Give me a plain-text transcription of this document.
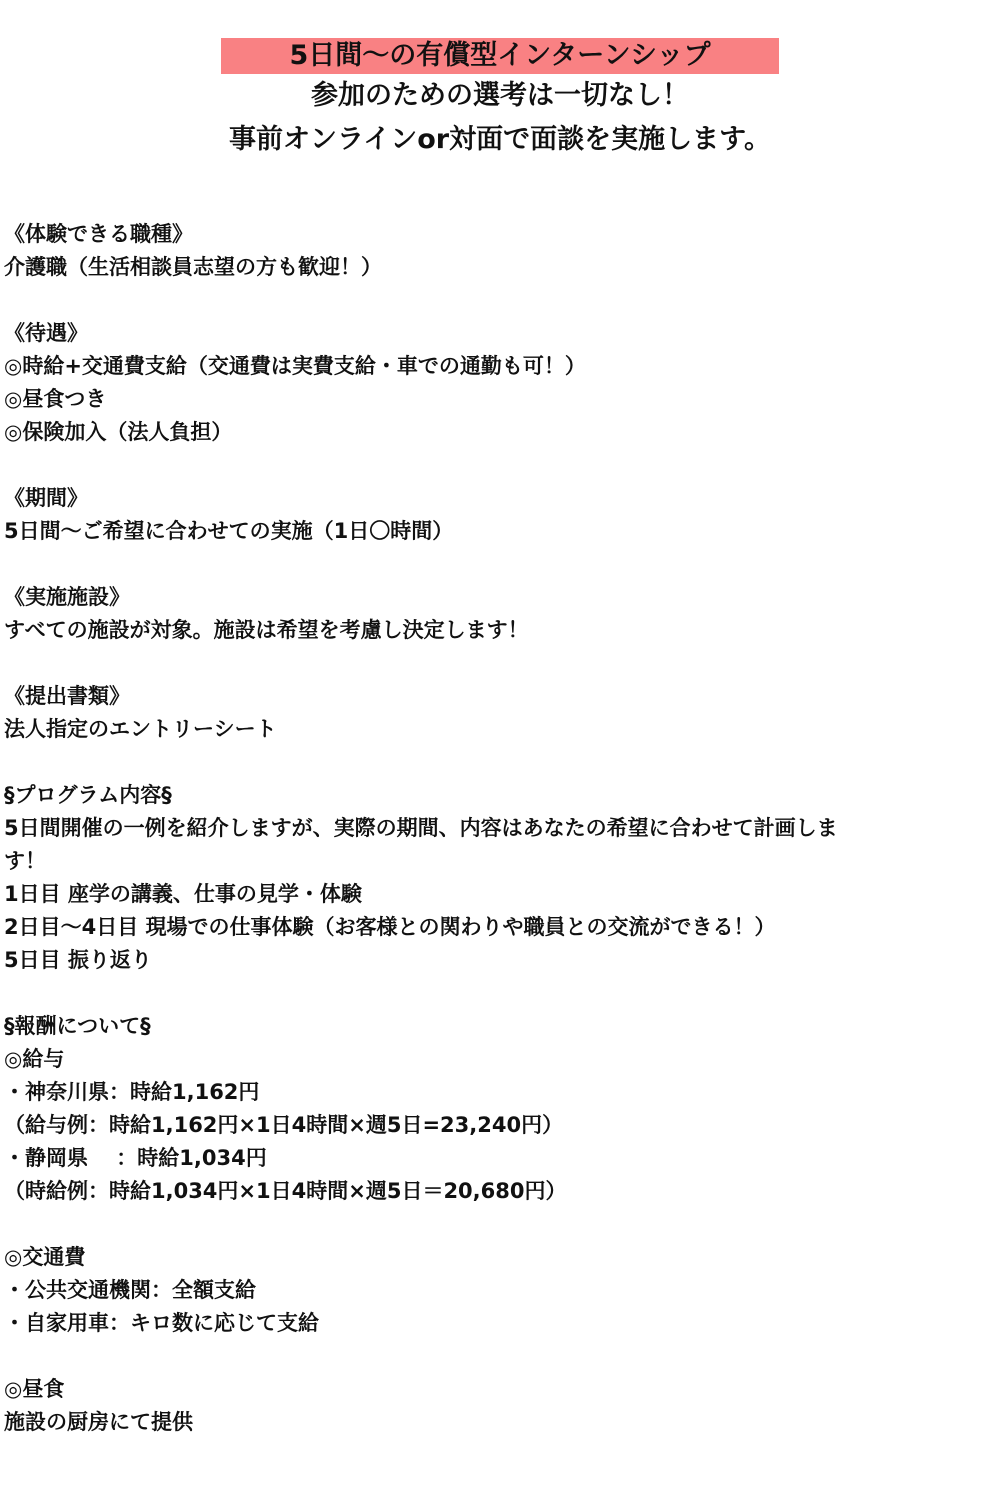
5日間〜の有償型インターンシップ
参加のための選考は一切なし！
事前オンラインor対面で面談を実施します。
《体験できる職種》
介護職（生活相談員志望の方も歓迎！）
《待遇》
◎時給+交通費支給（交通費は実費支給・車での通勤も可！）
◎昼食つき
◎保険加入（法人負担）
《期間》
5日間〜ご希望に合わせての実施（1日〇時間）
《実施施設》
すべての施設が対象。施設は希望を考慮し決定します！
《提出書類》
法人指定のエントリーシート
§プログラム内容§
5日間開催の一例を紹介しますが、実際の期間、内容はあなたの希望に合わせて計画しま
す！
1日目 座学の講義、仕事の見学・体験
2日目〜4日目 現場での仕事体験（お客様との関わりや職員との交流ができる！）
5日目 振り返り
§報酬について§
◎給与
・神奈川県：時給1,162円
（給与例：時給1,162円×1日4時間×週5日=23,240円）
・静岡県　 ：時給1,034円
（時給例：時給1,034円×1日4時間×週5日＝20,680円）
◎交通費
・公共交通機関：全額支給
・自家用車：キロ数に応じて支給
◎昼食
施設の厨房にて提供
